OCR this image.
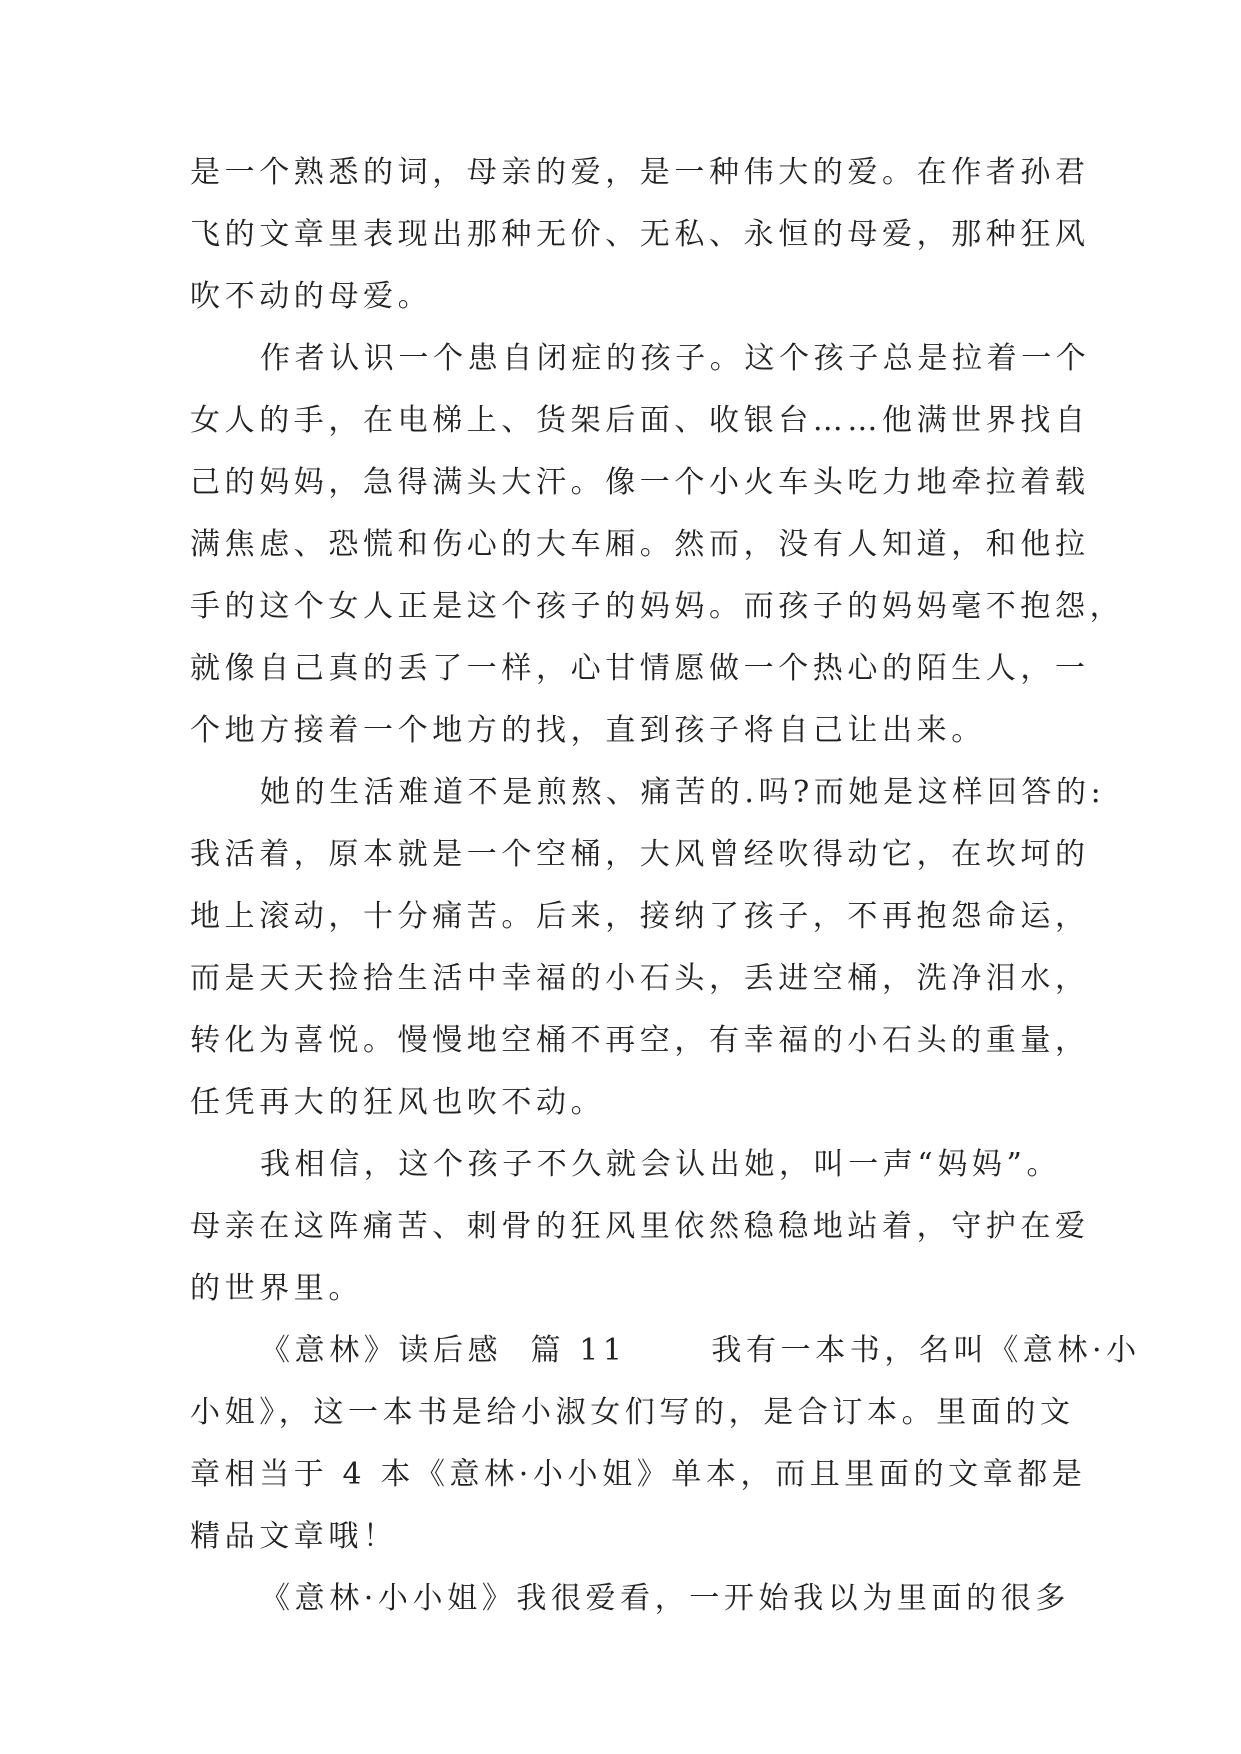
是一个熟悉的词，母亲的爱，是一种伟大的爱。在作者孙君
飞的文章里表现出那种无价、无私、永恒的母爱，那种狂风
吹不动的母爱。
作者认识一个患自闭症的孩子。这个孩子总是拉着一个
女人的手，在电梯上、货架后面、收银台……他满世界找自
己的妈妈，急得满头大汗。像一个小火车头吃力地牵拉着载
满焦虑、恐慌和伤心的大车厢。然而，没有人知道，和他拉
手的这个女人正是这个孩子的妈妈。而孩子的妈妈毫不抱怨，
就像自己真的丢了一样，心甘情愿做一个热心的陌生人，一
个地方接着一个地方的找，直到孩子将自己让出来。
她的生活难道不是煎熬、痛苦的.吗?而她是这样回答的:
我活着，原本就是一个空桶，大风曾经吹得动它，在坎坷的
地上滚动，十分痛苦。后来，接纳了孩子，不再抱怨命运，
而是天天捡拾生活中幸福的小石头，丢进空桶，洗净泪水，
转化为喜悦。慢慢地空桶不再空，有幸福的小石头的重量，
任凭再大的狂风也吹不动。
我相信，这个孩子不久就会认出她，叫一声“妈妈”。
母亲在这阵痛苦、刺骨的狂风里依然稳稳地站着，守护在爱
的世界里。
《意林》读后感  篇 11      我有一本书，名叫《意林·小
小姐》，这一本书是给小淑女们写的，是合订本。里面的文
章相当于 4 本《意林·小小姐》单本，而且里面的文章都是
精品文章哦！
《意林·小小姐》我很爱看，一开始我以为里面的很多
